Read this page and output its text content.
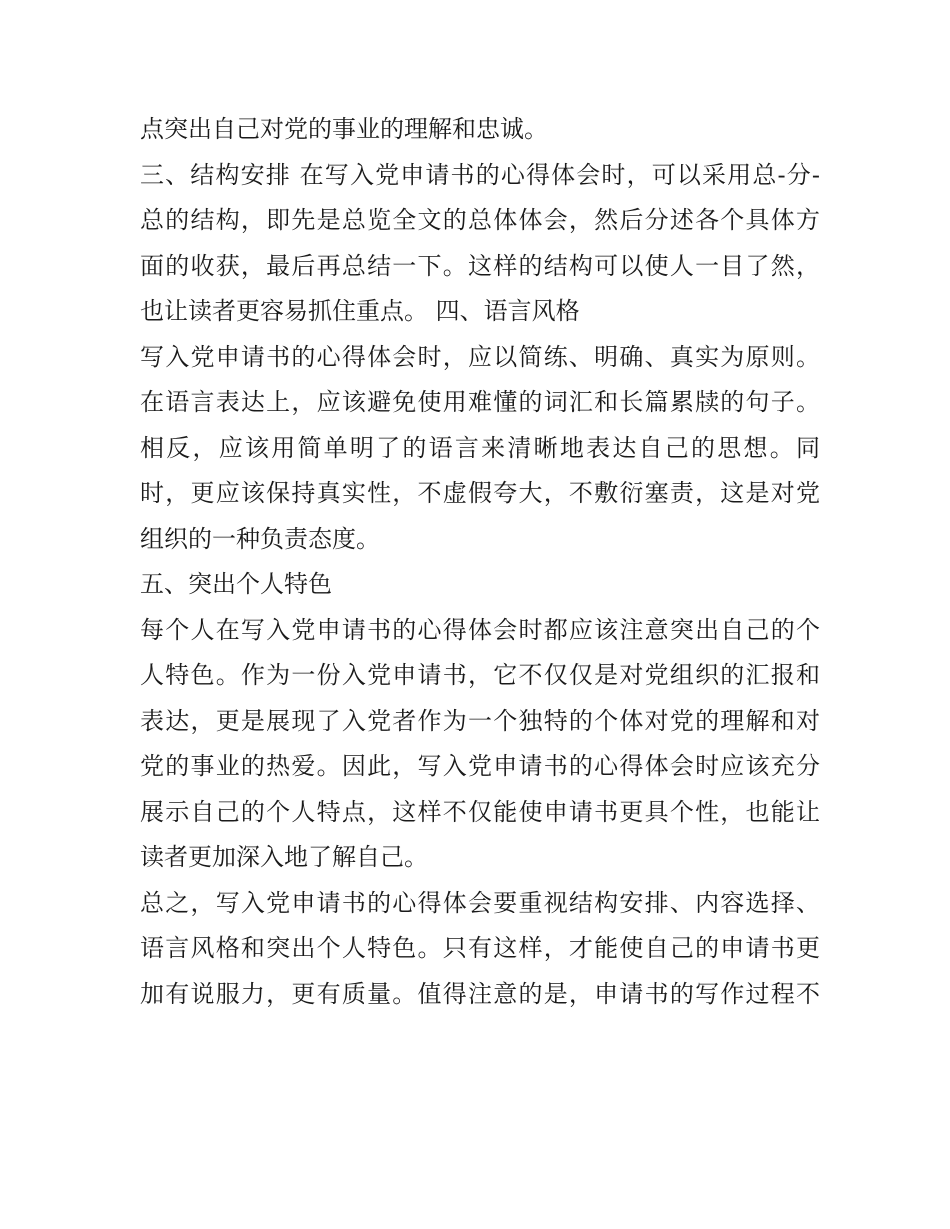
点突出自己对党的事业的理解和忠诚。
三、结构安排 在写入党申请书的心得体会时，可以采用总-分-
总的结构，即先是总览全文的总体体会，然后分述各个具体方
面的收获，最后再总结一下。这样的结构可以使人一目了然，
也让读者更容易抓住重点。 四、语言风格
写入党申请书的心得体会时，应以简练、明确、真实为原则。
在语言表达上，应该避免使用难懂的词汇和长篇累牍的句子。
相反，应该用简单明了的语言来清晰地表达自己的思想。同
时，更应该保持真实性，不虚假夸大，不敷衍塞责，这是对党
组织的一种负责态度。
五、突出个人特色
每个人在写入党申请书的心得体会时都应该注意突出自己的个
人特色。作为一份入党申请书，它不仅仅是对党组织的汇报和
表达，更是展现了入党者作为一个独特的个体对党的理解和对
党的事业的热爱。因此，写入党申请书的心得体会时应该充分
展示自己的个人特点，这样不仅能使申请书更具个性，也能让
读者更加深入地了解自己。
总之，写入党申请书的心得体会要重视结构安排、内容选择、
语言风格和突出个人特色。只有这样，才能使自己的申请书更
加有说服力，更有质量。值得注意的是，申请书的写作过程不
